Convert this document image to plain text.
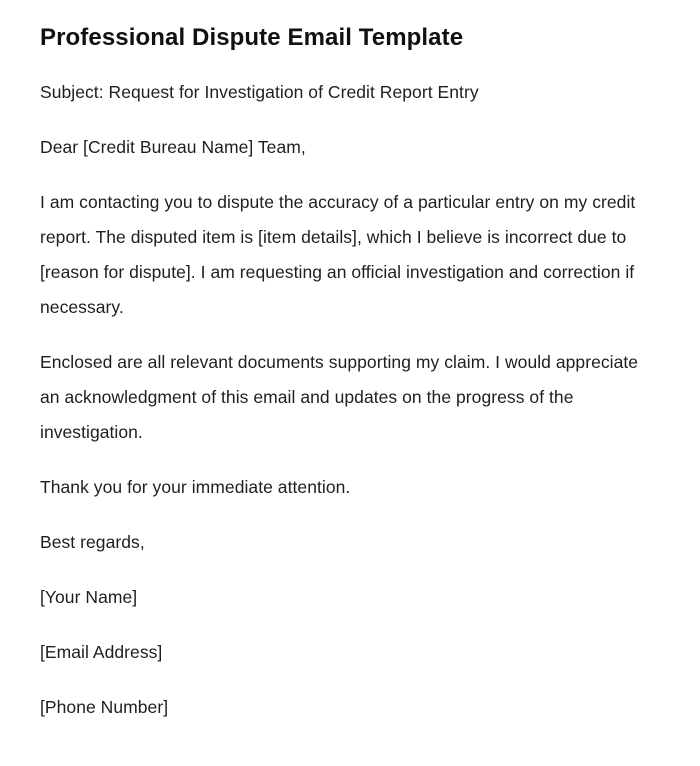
Professional Dispute Email Template

Subject: Request for Investigation of Credit Report Entry

Dear [Credit Bureau Name] Team,

I am contacting you to dispute the accuracy of a particular entry on my credit report. The disputed item is [item details], which I believe is incorrect due to [reason for dispute]. I am requesting an official investigation and correction if necessary.

Enclosed are all relevant documents supporting my claim. I would appreciate an acknowledgment of this email and updates on the progress of the investigation.

Thank you for your immediate attention.

Best regards,

[Your Name]

[Email Address]

[Phone Number]
